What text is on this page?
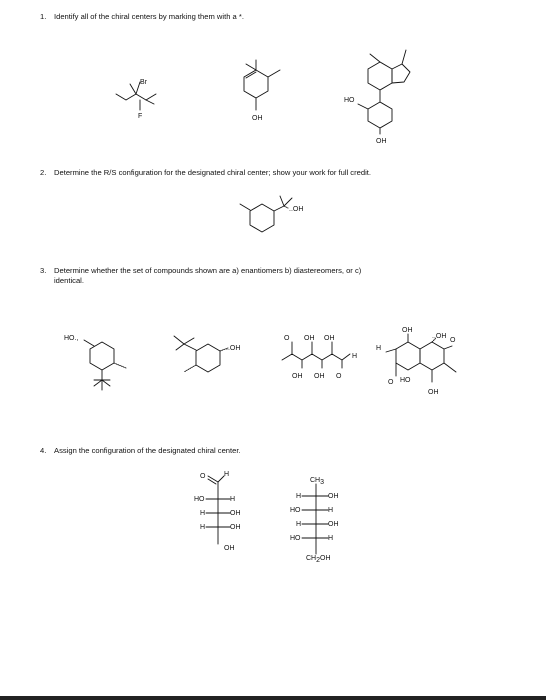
1. Identify all of the chiral centers by marking them with a *.

Br
F	OH
HO
OH

2. Determine the R/S configuration for the designated chiral center; show your work for full credit.

..OH

3. Determine whether the set of compounds shown are a) enantiomers b) diastereomers, or c)
identical.

HO.,
..OH
O OH OH
H
OH OH O
OH
H
O HO
..OH
O
OH

4. Assign the configuration of the designated chiral center.

O	H
HO	H
H	OH
H	OH
OH
CH3
H	OH
HO	H
H	OH
HO	H
CH2OH
